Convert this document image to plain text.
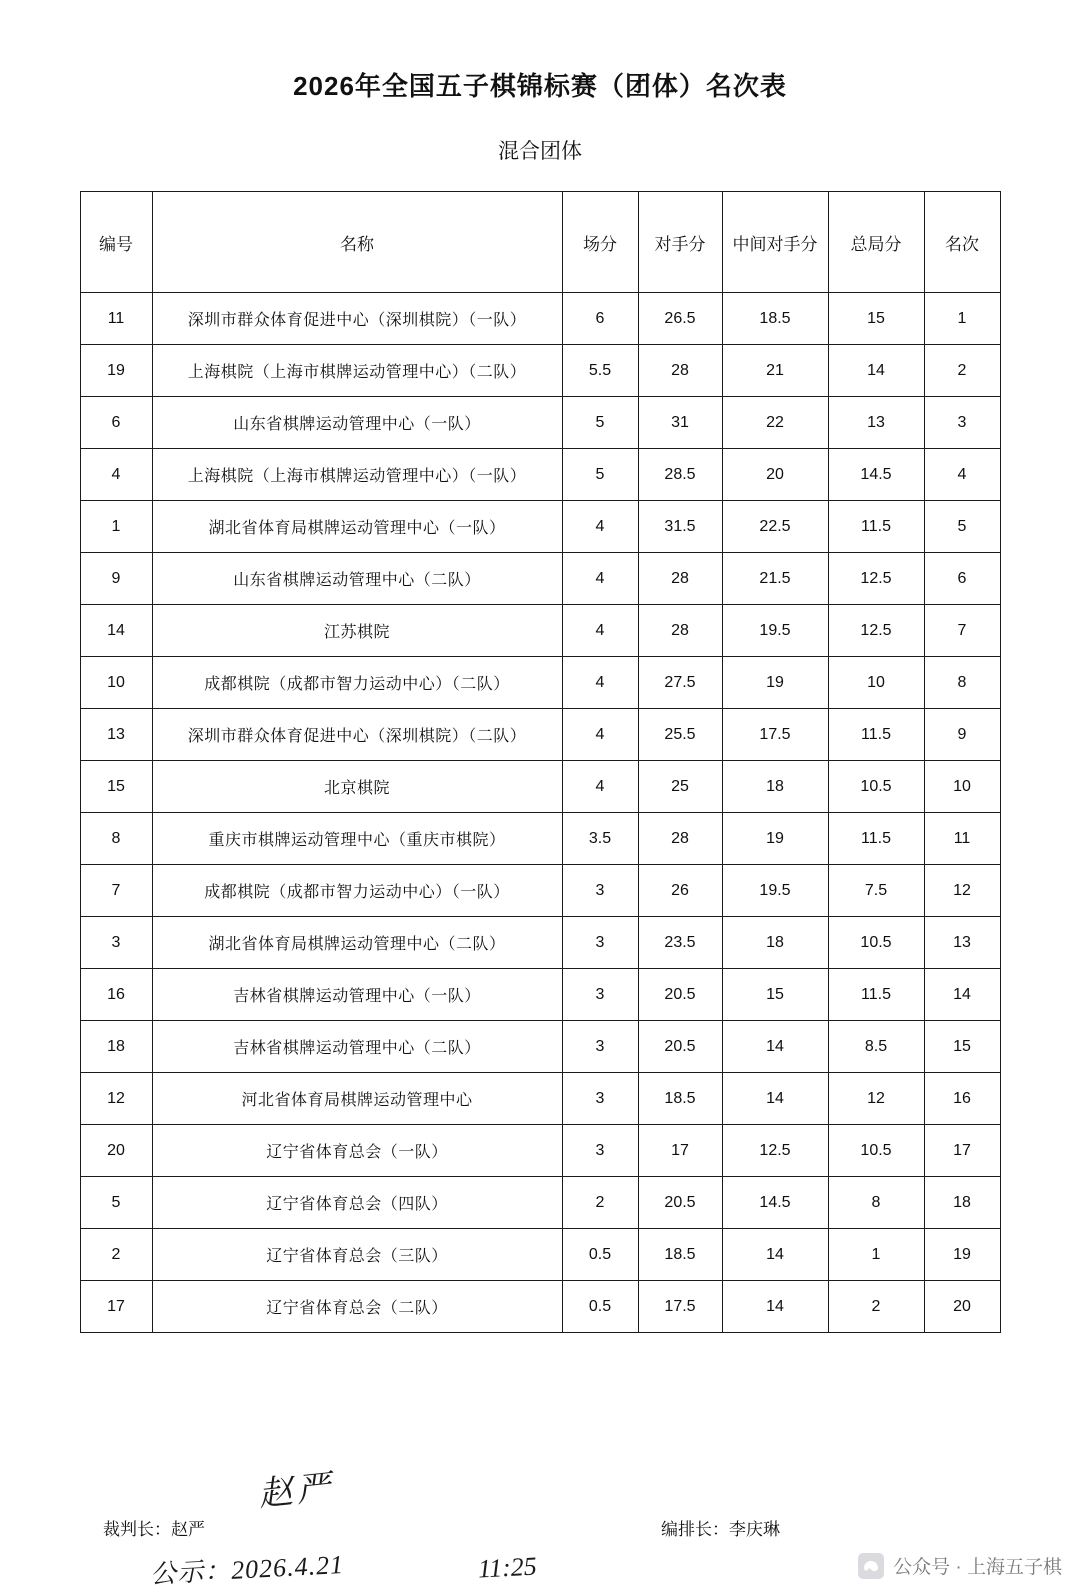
2026年全国五子棋锦标赛（团体）名次表
混合团体
编号	名称	场分	对手分	中间对手分	总局分	名次
11	深圳市群众体育促进中心（深圳棋院）（一队）	6	26.5	18.5	15	1
19	上海棋院（上海市棋牌运动管理中心）（二队）	5.5	28	21	14	2
6	山东省棋牌运动管理中心（一队）	5	31	22	13	3
4	上海棋院（上海市棋牌运动管理中心）（一队）	5	28.5	20	14.5	4
1	湖北省体育局棋牌运动管理中心（一队）	4	31.5	22.5	11.5	5
9	山东省棋牌运动管理中心（二队）	4	28	21.5	12.5	6
14	江苏棋院	4	28	19.5	12.5	7
10	成都棋院（成都市智力运动中心）（二队）	4	27.5	19	10	8
13	深圳市群众体育促进中心（深圳棋院）（二队）	4	25.5	17.5	11.5	9
15	北京棋院	4	25	18	10.5	10
8	重庆市棋牌运动管理中心（重庆市棋院）	3.5	28	19	11.5	11
7	成都棋院（成都市智力运动中心）（一队）	3	26	19.5	7.5	12
3	湖北省体育局棋牌运动管理中心（二队）	3	23.5	18	10.5	13
16	吉林省棋牌运动管理中心（一队）	3	20.5	15	11.5	14
18	吉林省棋牌运动管理中心（二队）	3	20.5	14	8.5	15
12	河北省体育局棋牌运动管理中心	3	18.5	14	12	16
20	辽宁省体育总会（一队）	3	17	12.5	10.5	17
5	辽宁省体育总会（四队）	2	20.5	14.5	8	18
2	辽宁省体育总会（三队）	0.5	18.5	14	1	19
17	辽宁省体育总会（二队）	0.5	17.5	14	2	20
赵严
裁判长：赵严	编排长：李庆琳
公示：2026.4.21	11:25	公众号 · 上海五子棋
